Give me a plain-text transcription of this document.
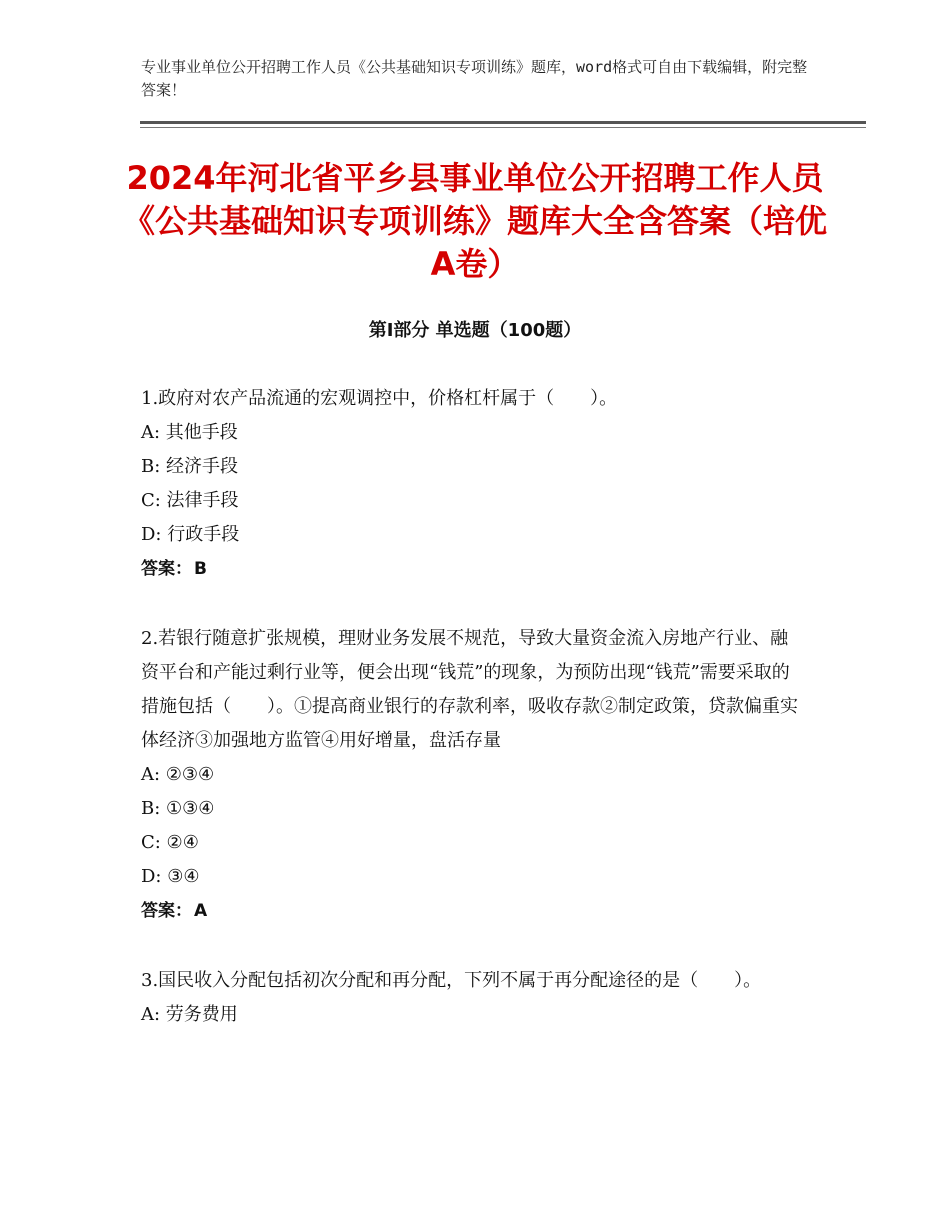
专业事业单位公开招聘工作人员《公共基础知识专项训练》题库，word格式可自由下载编辑，附完整答案！
2024年河北省平乡县事业单位公开招聘工作人员《公共基础知识专项训练》题库大全含答案（培优A卷）
第Ⅰ部分 单选题（100题）
1.政府对农产品流通的宏观调控中，价格杠杆属于（　　）。
A: 其他手段
B: 经济手段
C: 法律手段
D: 行政手段
答案： B
2.若银行随意扩张规模，理财业务发展不规范，导致大量资金流入房地产行业、融资平台和产能过剩行业等，便会出现“钱荒”的现象，为预防出现“钱荒”需要采取的措施包括（　　）。①提高商业银行的存款利率，吸收存款②制定政策，贷款偏重实体经济③加强地方监管④用好增量，盘活存量
A: ②③④
B: ①③④
C: ②④
D: ③④
答案： A
3.国民收入分配包括初次分配和再分配，下列不属于再分配途径的是（　　）。
A: 劳务费用
